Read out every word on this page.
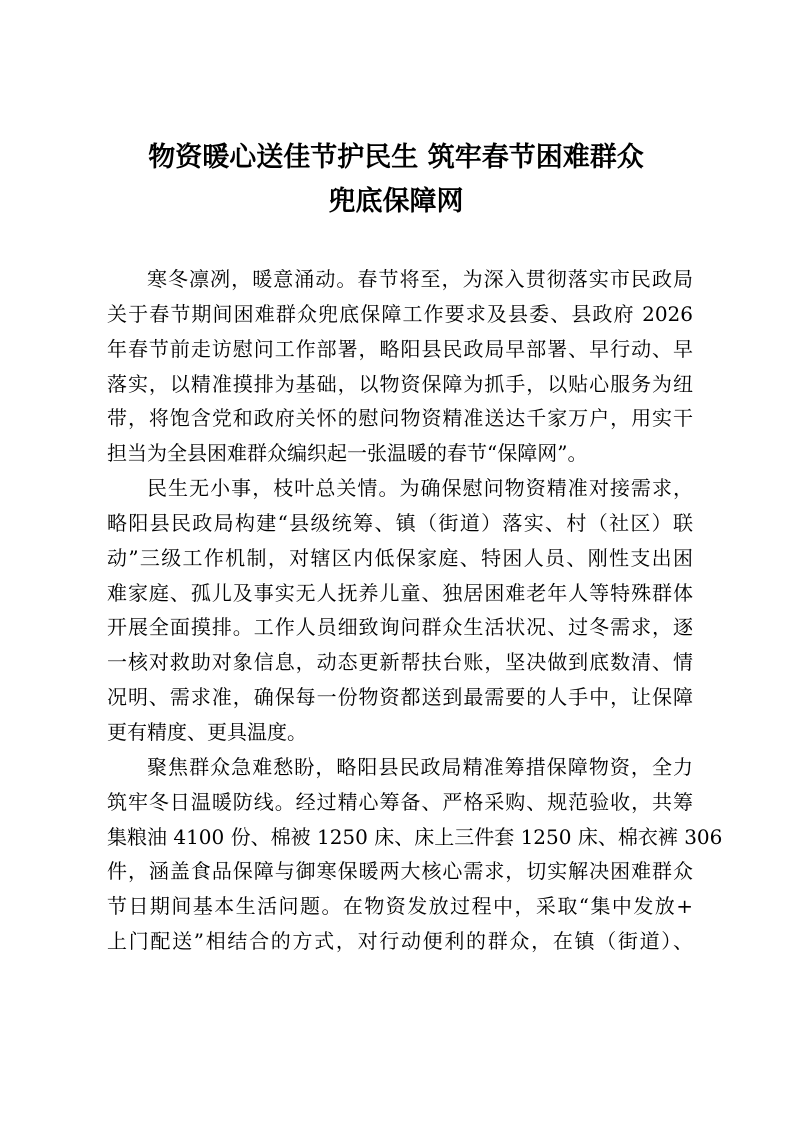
物资暖心送佳节护民生 筑牢春节困难群众
兜底保障网
寒冬凛冽，暖意涌动。春节将至，为深入贯彻落实市民政局
关于春节期间困难群众兜底保障工作要求及县委、县政府 2026
年春节前走访慰问工作部署，略阳县民政局早部署、早行动、早
落实，以精准摸排为基础，以物资保障为抓手，以贴心服务为纽
带，将饱含党和政府关怀的慰问物资精准送达千家万户，用实干
担当为全县困难群众编织起一张温暖的春节“保障网”。
民生无小事，枝叶总关情。为确保慰问物资精准对接需求，
略阳县民政局构建“县级统筹、镇（街道）落实、村（社区）联
动”三级工作机制，对辖区内低保家庭、特困人员、刚性支出困
难家庭、孤儿及事实无人抚养儿童、独居困难老年人等特殊群体
开展全面摸排。工作人员细致询问群众生活状况、过冬需求，逐
一核对救助对象信息，动态更新帮扶台账，坚决做到底数清、情
况明、需求准，确保每一份物资都送到最需要的人手中，让保障
更有精度、更具温度。
聚焦群众急难愁盼，略阳县民政局精准筹措保障物资，全力
筑牢冬日温暖防线。经过精心筹备、严格采购、规范验收，共筹
集粮油 4100 份、棉被 1250 床、床上三件套 1250 床、棉衣裤 306
件，涵盖食品保障与御寒保暖两大核心需求，切实解决困难群众
节日期间基本生活问题。在物资发放过程中，采取“集中发放+
上门配送”相结合的方式，对行动便利的群众，在镇（街道）、
